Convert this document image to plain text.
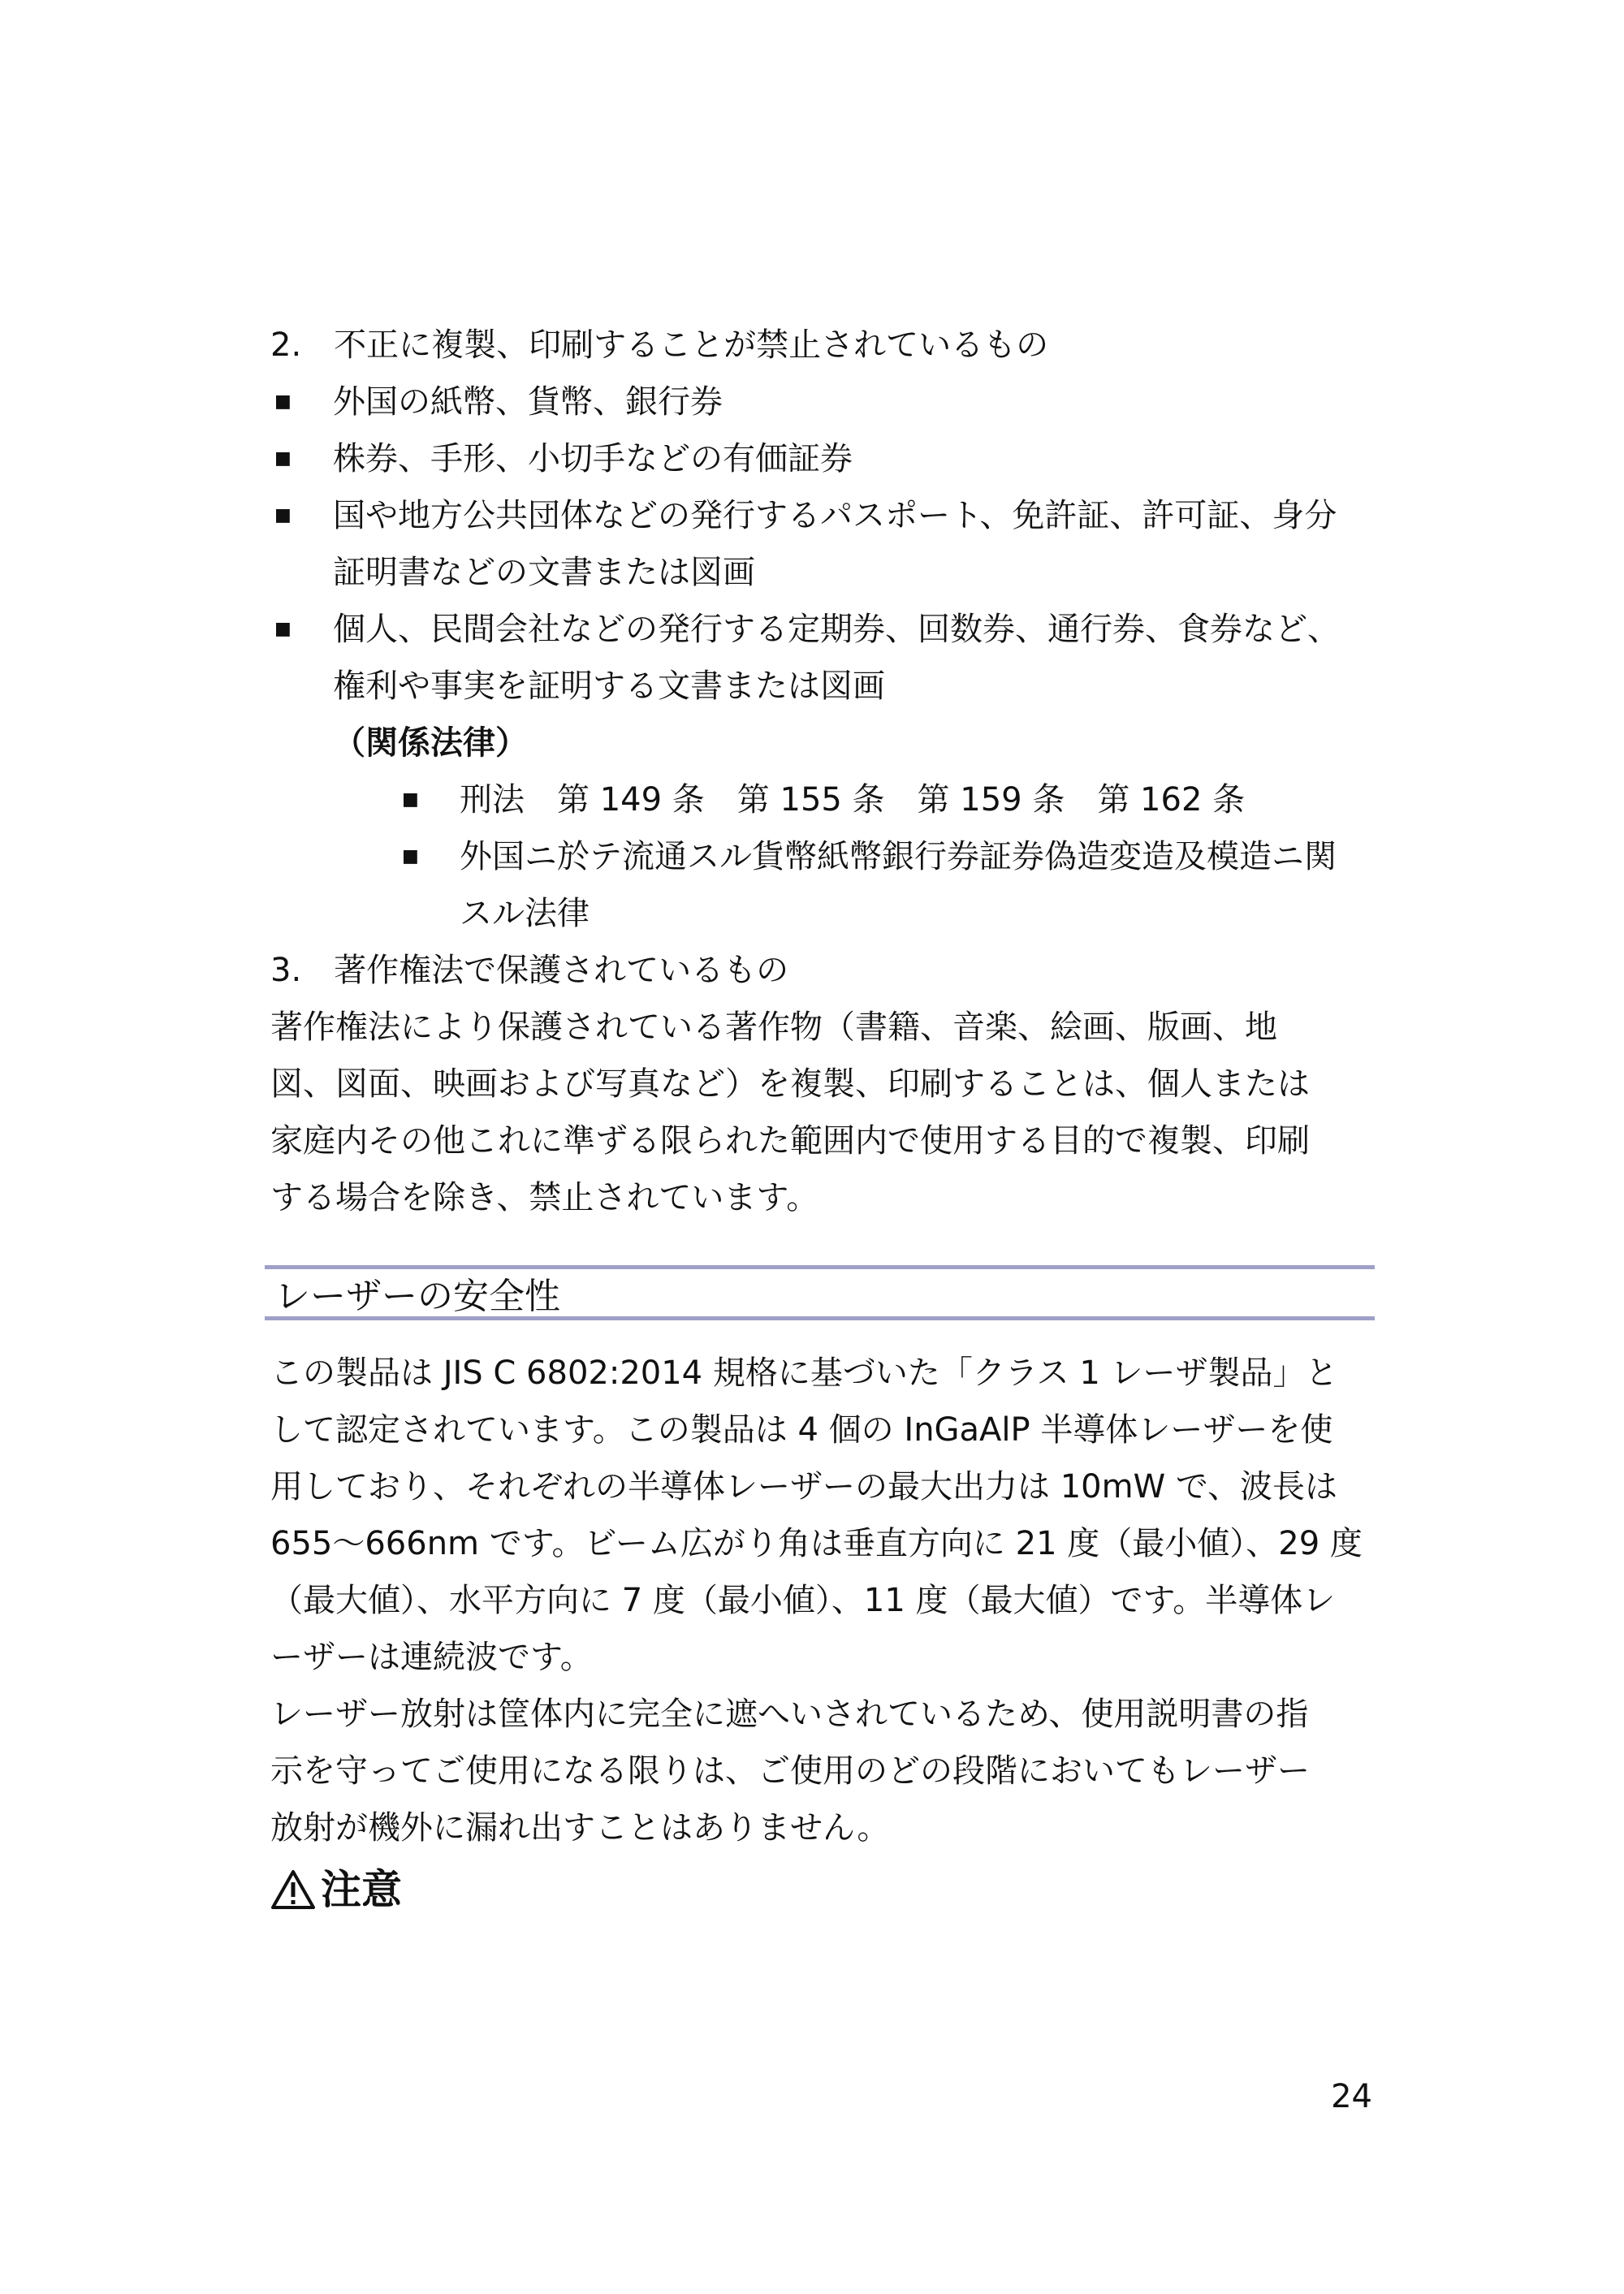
2.　不正に複製、印刷することが禁止されているもの
■ 外国の紙幣、貨幣、銀行券
■ 株券、手形、小切手などの有価証券
■ 国や地方公共団体などの発行するパスポート、免許証、許可証、身分
証明書などの文書または図画
■ 個人、民間会社などの発行する定期券、回数券、通行券、食券など、
権利や事実を証明する文書または図画
（関係法律）
■ 刑法　第 149 条　第 155 条　第 159 条　第 162 条
■ 外国ニ於テ流通スル貨幣紙幣銀行券証券偽造変造及模造ニ関
スル法律
3.　著作権法で保護されているもの
著作権法により保護されている著作物（書籍、音楽、絵画、版画、地
図、図面、映画および写真など）を複製、印刷することは、個人または
家庭内その他これに準ずる限られた範囲内で使用する目的で複製、印刷
する場合を除き、禁止されています。
レーザーの安全性
この製品は JIS C 6802:2014 規格に基づいた「クラス 1 レーザ製品」と
して認定されています。この製品は 4 個の InGaAlP 半導体レーザーを使
用しており、それぞれの半導体レーザーの最大出力は 10mW で、波長は
655～666nm です。ビーム広がり角は垂直方向に 21 度（最小値）、29 度
（最大値）、水平方向に 7 度（最小値）、11 度（最大値）です。半導体レ
ーザーは連続波です。
レーザー放射は筐体内に完全に遮へいされているため、使用説明書の指
示を守ってご使用になる限りは、ご使用のどの段階においてもレーザー
放射が機外に漏れ出すことはありません。
注意
24
